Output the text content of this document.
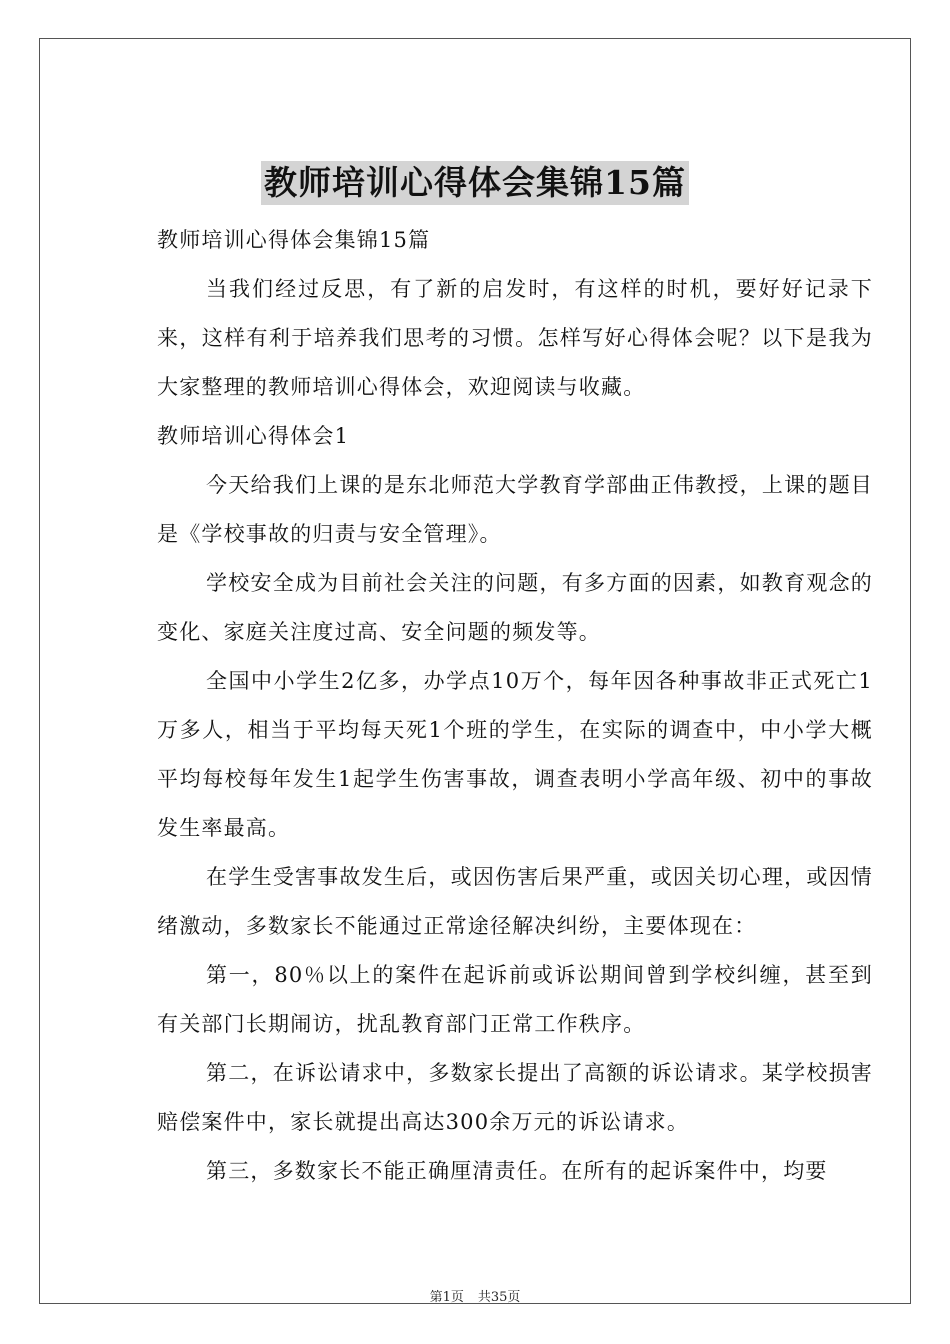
教师培训心得体会集锦15篇

教师培训心得体会集锦15篇

当我们经过反思，有了新的启发时，有这样的时机，要好好记录下来，这样有利于培养我们思考的习惯。怎样写好心得体会呢？以下是我为大家整理的教师培训心得体会，欢迎阅读与收藏。

教师培训心得体会1

今天给我们上课的是东北师范大学教育学部曲正伟教授，上课的题目是《学校事故的归责与安全管理》。

学校安全成为目前社会关注的问题，有多方面的因素，如教育观念的变化、家庭关注度过高、安全问题的频发等。

全国中小学生2亿多，办学点10万个，每年因各种事故非正式死亡1万多人，相当于平均每天死1个班的学生，在实际的调查中，中小学大概平均每校每年发生1起学生伤害事故，调查表明小学高年级、初中的事故发生率最高。

在学生受害事故发生后，或因伤害后果严重，或因关切心理，或因情绪激动，多数家长不能通过正常途径解决纠纷，主要体现在：

第一，80％以上的案件在起诉前或诉讼期间曾到学校纠缠，甚至到有关部门长期闹访，扰乱教育部门正常工作秩序。

第二，在诉讼请求中，多数家长提出了高额的诉讼请求。某学校损害赔偿案件中，家长就提出高达300余万元的诉讼请求。

第三，多数家长不能正确厘清责任。在所有的起诉案件中，均要

第1页 共35页
